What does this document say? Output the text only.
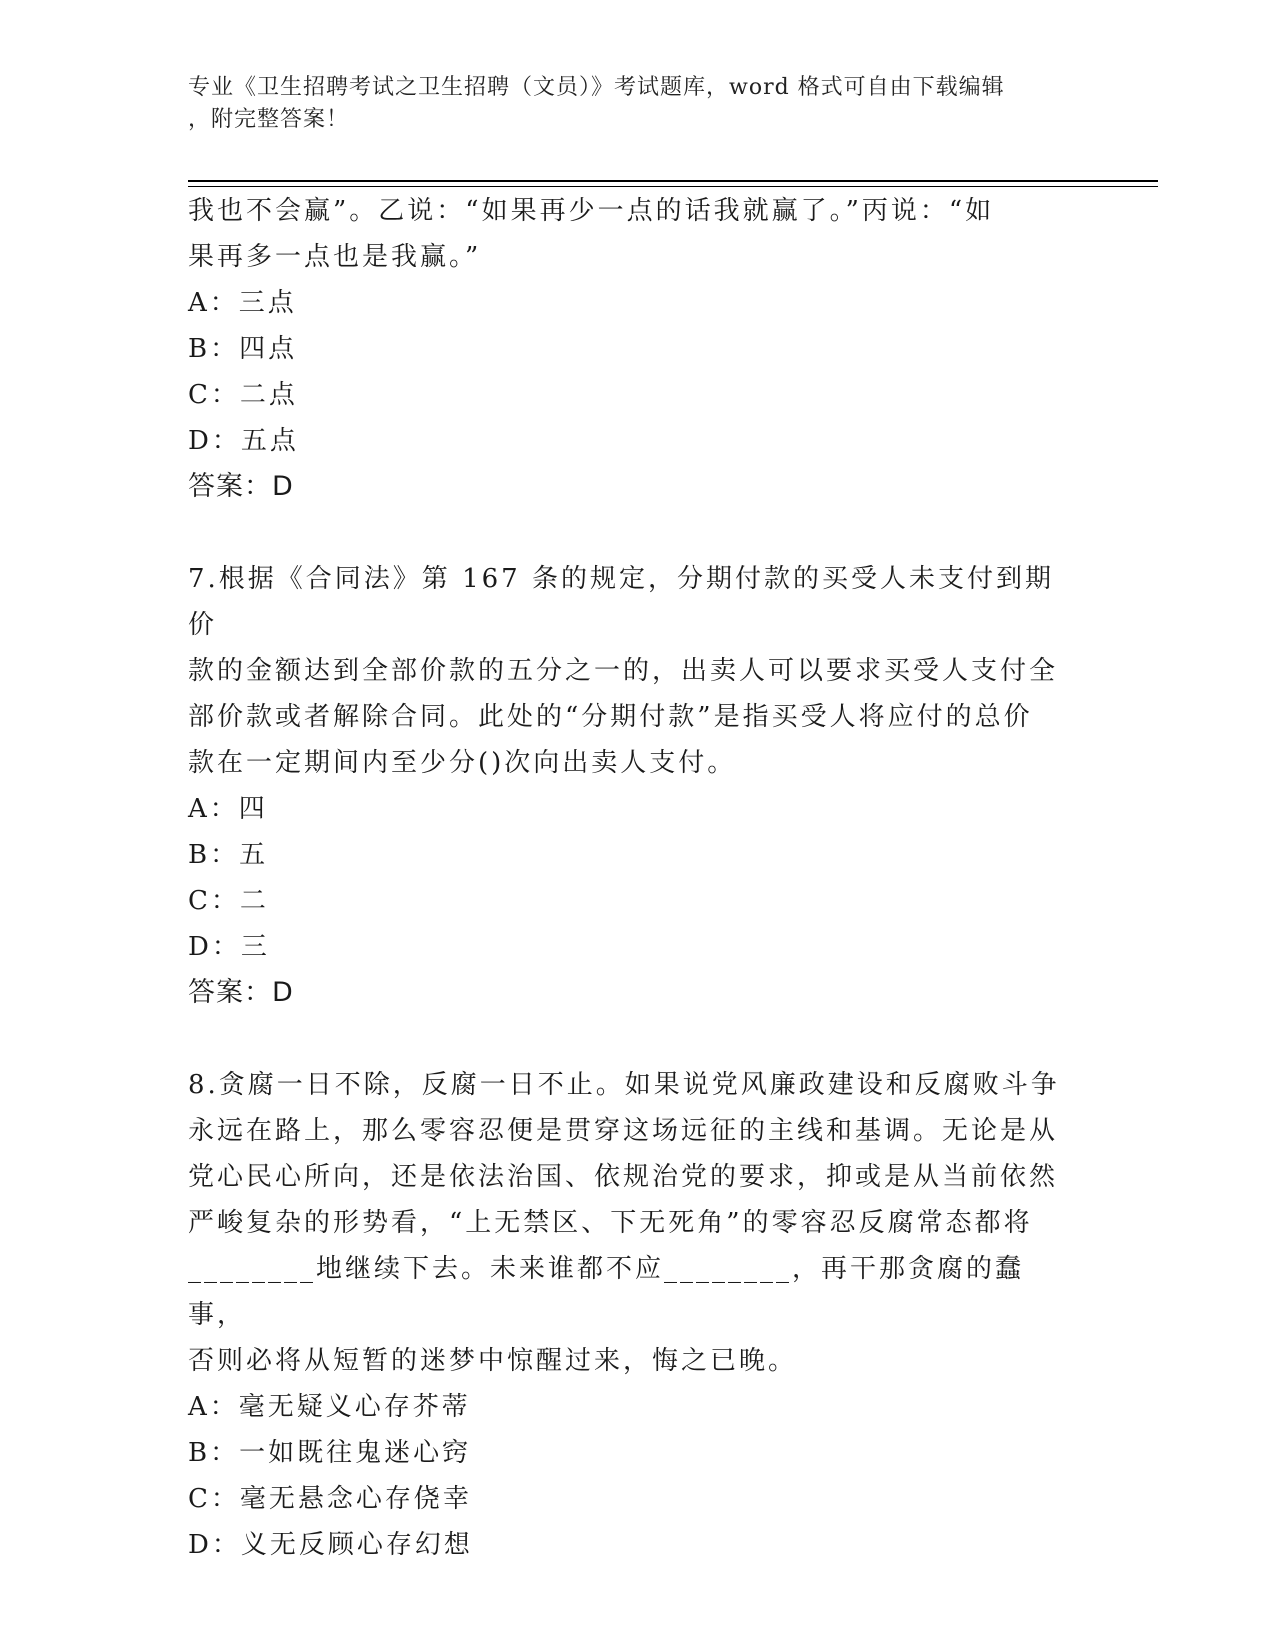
专业《卫生招聘考试之卫生招聘（文员）》考试题库，word 格式可自由下载编辑
，附完整答案！

我也不会赢”。乙说：“如果再少一点的话我就赢了。”丙说：“如

果再多一点也是我赢。”

A：三点

B：四点

C：二点

D：五点

答案：D

7.根据《合同法》第 167 条的规定，分期付款的买受人未支付到期价

款的金额达到全部价款的五分之一的，出卖人可以要求买受人支付全

部价款或者解除合同。此处的“分期付款”是指买受人将应付的总价

款在一定期间内至少分()次向出卖人支付。

A：四

B：五

C：二

D：三

答案：D

8.贪腐一日不除，反腐一日不止。如果说党风廉政建设和反腐败斗争

永远在路上，那么零容忍便是贯穿这场远征的主线和基调。无论是从

党心民心所向，还是依法治国、依规治党的要求，抑或是从当前依然

严峻复杂的形势看，“上无禁区、下无死角”的零容忍反腐常态都将

________地继续下去。未来谁都不应________，再干那贪腐的蠢事，

否则必将从短暂的迷梦中惊醒过来，悔之已晚。

A：毫无疑义心存芥蒂

B：一如既往鬼迷心窍

C：毫无悬念心存侥幸

D：义无反顾心存幻想
